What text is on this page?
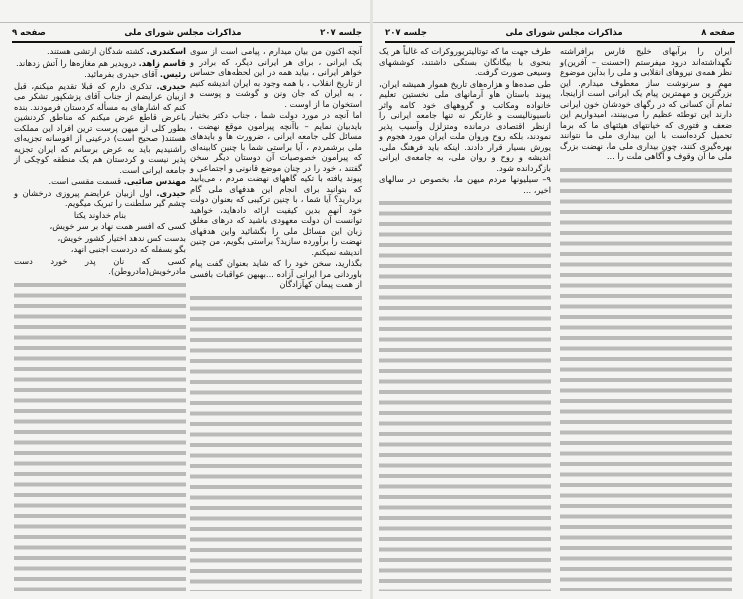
جلسه ۲۰۷
مذاکرات مجلس شورای ملی
صفحه ۹

آنچه اکنون من بیان میدارم ، پیامی است از سوی یک ایرانی ، برای هر ایرانی دیگر، که برادر و خواهر ایرانی ، بیاید همه در این لحظه‌های حساس از تاریخ انقلاب ، با همه وجود به ایران اندیشه کنیم ، به ایران که جان ونن و گوشت و پوست و استخوان ما از اوست .

اما آنچه در مورد دولت شما ، جناب دکتر بختیار بایدبیان نمایم – باآنچه پیرامون موقع نهضت ، مسائل کلی جامعه ایرانی ، ضرورت ها و بایدهای ملی برشمردم ، آیا براستی شما با چنین کابینه‌ای که پیرامون خصوصیات آن دوستان دیگر سخن گفتند ، خود را در چنان موضع قانونی و اجتماعی و پیوند یافته با تکیه گاههای نهضت مردم ، می‌یابید که بتوانید برای انجام این هدفهای ملی گام بردارید؟ آیا شما ، با چنین ترکیبی که بعنوان دولت خود آنهم بدین کیفیت ارائه دادهاید، خواهید توانست آن دولت معهودی باشید که درهای مغلق زبان این مسائل ملی را بگشائید واین هدفهای نهضت را برآورده سازید؟ براستی بگویم، من چنین اندیشه نمیکنم.

بگذارید، سخن خود را که شاید بعنوان گفت پیام باوردانی مرا ایرانی آزاده ...بهبهن عواقبات بافسی از همت پیمان کهآزادگان

اسکندری. کشته شدگان ارتشی هستند.

قاسم زاهد. درویدیر هم مغازه‌ها را آتش زدهاند.

رئیس. آقای حیدری بفرمائید.

حیدری. تذکری دارم که قبلا تقدیم میکنم، قبل ازبیان عرایضم از جناب آقای پزشکپور تشکر می کنم که اشارهای به مسأله کردستان فرمودند. بنده باعرض قاطع عرض میکنم که مناطق کردنشین بطور کلی از میهن پرست ترین افراد این مملکت هستند( صحیح است) درعینی از افوسانه تجزیه‌ای راشنیدیم باید به عرض برسانم که ایران تجزیه پذیر نیست و کردستان هم یک منطقه کوچکی از جامعه ایرانی است.

مهندس صائبی. قسمت مقسی است.

حیدری. اول ازبیان عرایضم پیروزی درخشان و چشم گیر سلطنت را تبریک میگویم.

بنام خداوند یکتا

کسی که افسر همت نهاد بر سر خویش،

بدست کس ندهد اختیار کشور خویش،

بگو بسفله که دردست اجنبی انهد،

کسی که نان پدر خورد دست مادرخویش(مادروطن).

صفحه ۸
مذاکرات مجلس شورای ملی
جلسه ۲۰۷

ایران را برآبهای خلیج فارس برافراشته نگهداشته‌اند درود میفرستم (احسنت – آفرین)و نظر همه‌ی نیروهای انقلابی و ملی را بدآین موضوع مهم و سرنوشت ساز معطوف میدارم. این بزرگترین و مهمترین پیام یک ایرانی است ازاینجا، تمام آن کسانی که در رگهای خودشان خون ایرانی دارند این توطئه عظیم را می‌بینند، امیدواریم این ضعف و فتوری که خیانتهای هیئتهای ما که برما تحمیل کرده‌است با این بیداری ملی ما نتوانند بهره‌گیری کنند، چون بیداری ملی ما، نهضت بزرگ ملی ما آن وقوف و آگاهی ملت را ...

طرف جهت ما که توتالیتریوروکرات که غالباً هر یک بنحوی با بیگانگان بستگی داشتند، کوششهای وسیعی صورت گرفت.

طی صده‌ها و هزاره‌های تاریخ هموار همیشه ایران، پیوند باستان هاو آرمانهای ملی نخستین تعلیم خانواده ومکاتب و گروههای خود کامه واثر ناسیونالیست و غارتگر نه تنها جامعه ایرانی را ازنظر اقتصادی درمانده ومتزلزل وآسیب پذیر نمودند، بلکه روح وروان ملت ایران مورد هجوم و یورش بسیار قرار دادند. اینکه باید فرهنگ ملی، اندیشه و روح و روان ملی، به جامعه‌ی ایرانی بازگردانده شود.

۹– سیلیونها مردم میهن ما، بخصوص در سالهای اخیر، ...
